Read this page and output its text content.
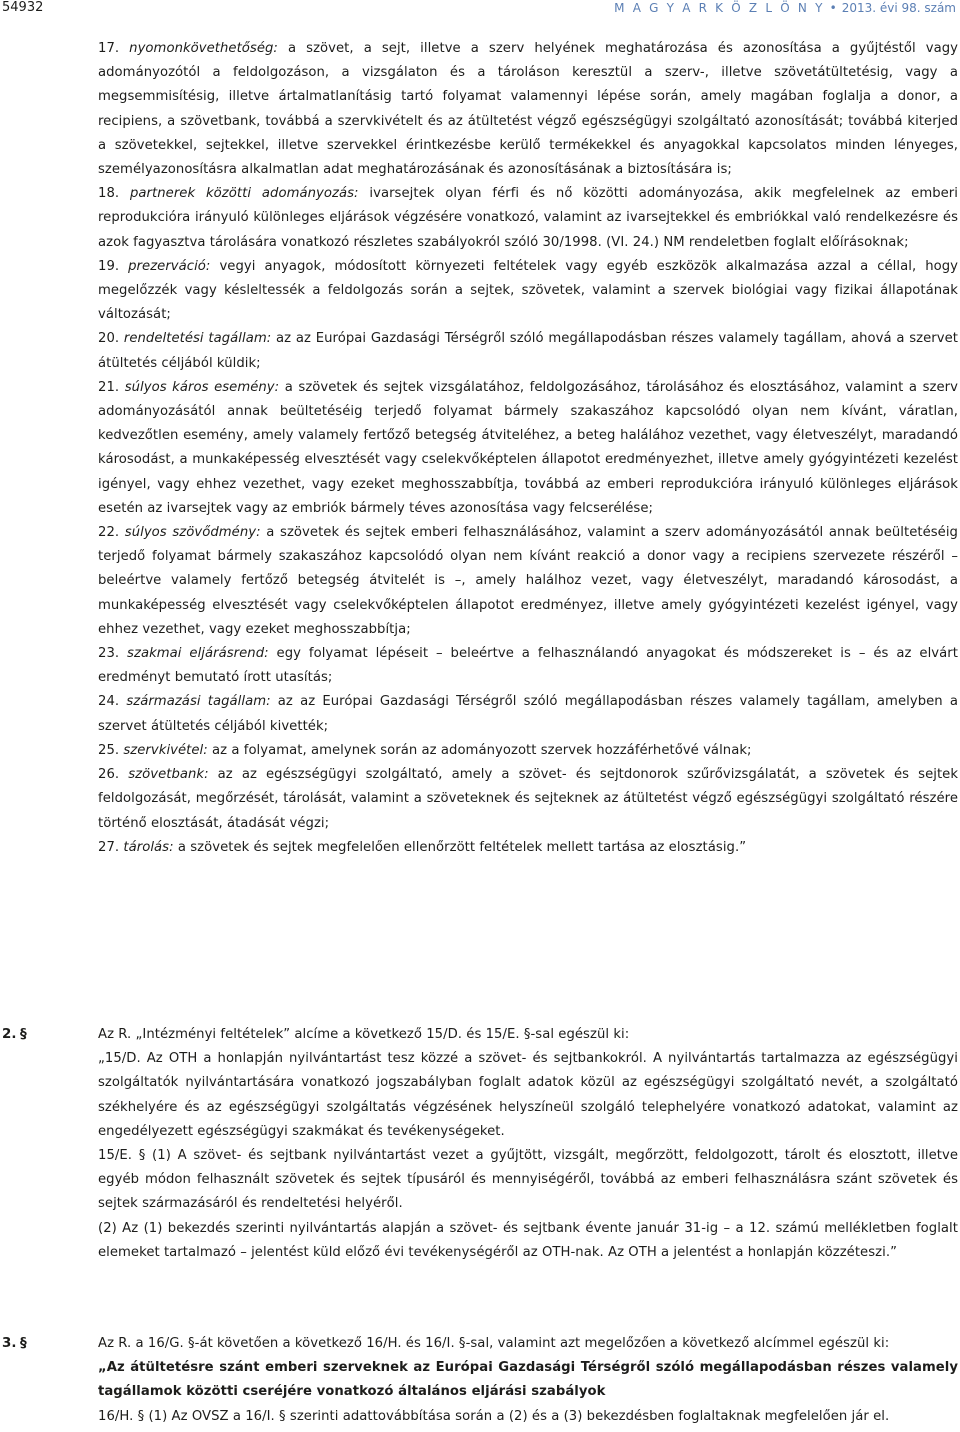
54932	M A G Y A R K Ö Z L Ö N Y • 2013. évi 98. szám

17. nyomonkövethetőség: a szövet, a sejt, illetve a szerv helyének meghatározása és azonosítása a gyűjtéstől vagy adományozótól a feldolgozáson, a vizsgálaton és a tároláson keresztül a szerv-, illetve szövetátültetésig, vagy a megsemmisítésig, illetve ártalmatlanításig tartó folyamat valamennyi lépése során, amely magában foglalja a donor, a recipiens, a szövetbank, továbbá a szervkivételt és az átültetést végző egészségügyi szolgáltató azonosítását; továbbá kiterjed a szövetekkel, sejtekkel, illetve szervekkel érintkezésbe kerülő termékekkel és anyagokkal kapcsolatos minden lényeges, személyazonosításra alkalmatlan adat meghatározásának és azonosításának a biztosítására is;

18. partnerek közötti adományozás: ivarsejtek olyan férfi és nő közötti adományozása, akik megfelelnek az emberi reprodukcióra irányuló különleges eljárások végzésére vonatkozó, valamint az ivarsejtekkel és embriókkal való rendelkezésre és azok fagyasztva tárolására vonatkozó részletes szabályokról szóló 30/1998. (VI. 24.) NM rendeletben foglalt előírásoknak;

19. prezerváció: vegyi anyagok, módosított környezeti feltételek vagy egyéb eszközök alkalmazása azzal a céllal, hogy megelőzzék vagy késleltessék a feldolgozás során a sejtek, szövetek, valamint a szervek biológiai vagy fizikai állapotának változását;

20. rendeltetési tagállam: az az Európai Gazdasági Térségről szóló megállapodásban részes valamely tagállam, ahová a szervet átültetés céljából küldik;

21. súlyos káros esemény: a szövetek és sejtek vizsgálatához, feldolgozásához, tárolásához és elosztásához, valamint a szerv adományozásától annak beültetéséig terjedő folyamat bármely szakaszához kapcsolódó olyan nem kívánt, váratlan, kedvezőtlen esemény, amely valamely fertőző betegség átviteléhez, a beteg halálához vezethet, vagy életveszélyt, maradandó károsodást, a munkaképesség elvesztését vagy cselekvőképtelen állapotot eredményezhet, illetve amely gyógyintézeti kezelést igényel, vagy ehhez vezethet, vagy ezeket meghosszabbítja, továbbá az emberi reprodukcióra irányuló különleges eljárások esetén az ivarsejtek vagy az embriók bármely téves azonosítása vagy felcserélése;

22. súlyos szövődmény: a szövetek és sejtek emberi felhasználásához, valamint a szerv adományozásától annak beültetéséig terjedő folyamat bármely szakaszához kapcsolódó olyan nem kívánt reakció a donor vagy a recipiens szervezete részéről – beleértve valamely fertőző betegség átvitelét is –, amely halálhoz vezet, vagy életveszélyt, maradandó károsodást, a munkaképesség elvesztését vagy cselekvőképtelen állapotot eredményez, illetve amely gyógyintézeti kezelést igényel, vagy ehhez vezethet, vagy ezeket meghosszabbítja;

23. szakmai eljárásrend: egy folyamat lépéseit – beleértve a felhasználandó anyagokat és módszereket is – és az elvárt eredményt bemutató írott utasítás;

24. származási tagállam: az az Európai Gazdasági Térségről szóló megállapodásban részes valamely tagállam, amelyben a szervet átültetés céljából kivették;

25. szervkivétel: az a folyamat, amelynek során az adományozott szervek hozzáférhetővé válnak;

26. szövetbank: az az egészségügyi szolgáltató, amely a szövet- és sejtdonorok szűrővizsgálatát, a szövetek és sejtek feldolgozását, megőrzését, tárolását, valamint a szöveteknek és sejteknek az átültetést végző egészségügyi szolgáltató részére történő elosztását, átadását végzi;

27. tárolás: a szövetek és sejtek megfelelően ellenőrzött feltételek mellett tartása az elosztásig.”

2. §	Az R. „Intézményi feltételek” alcíme a következő 15/D. és 15/E. §-sal egészül ki:

„15/D. Az OTH a honlapján nyilvántartást tesz közzé a szövet- és sejtbankokról. A nyilvántartás tartalmazza az egészségügyi szolgáltatók nyilvántartására vonatkozó jogszabályban foglalt adatok közül az egészségügyi szolgáltató nevét, a szolgáltató székhelyére és az egészségügyi szolgáltatás végzésének helyszíneül szolgáló telephelyére vonatkozó adatokat, valamint az engedélyezett egészségügyi szakmákat és tevékenységeket.

15/E. § (1) A szövet- és sejtbank nyilvántartást vezet a gyűjtött, vizsgált, megőrzött, feldolgozott, tárolt és elosztott, illetve egyéb módon felhasznált szövetek és sejtek típusáról és mennyiségéről, továbbá az emberi felhasználásra szánt szövetek és sejtek származásáról és rendeltetési helyéről.

(2) Az (1) bekezdés szerinti nyilvántartás alapján a szövet- és sejtbank évente január 31-ig – a 12. számú mellékletben foglalt elemeket tartalmazó – jelentést küld előző évi tevékenységéről az OTH-nak. Az OTH a jelentést a honlapján közzéteszi.”

3. §	Az R. a 16/G. §-át követően a következő 16/H. és 16/I. §-sal, valamint azt megelőzően a következő alcímmel egészül ki:

„Az átültetésre szánt emberi szerveknek az Európai Gazdasági Térségről szóló megállapodásban részes valamely tagállamok közötti cseréjére vonatkozó általános eljárási szabályok

16/H. § (1) Az OVSZ a 16/I. § szerinti adattovábbítása során a (2) és a (3) bekezdésben foglaltaknak megfelelően jár el.
